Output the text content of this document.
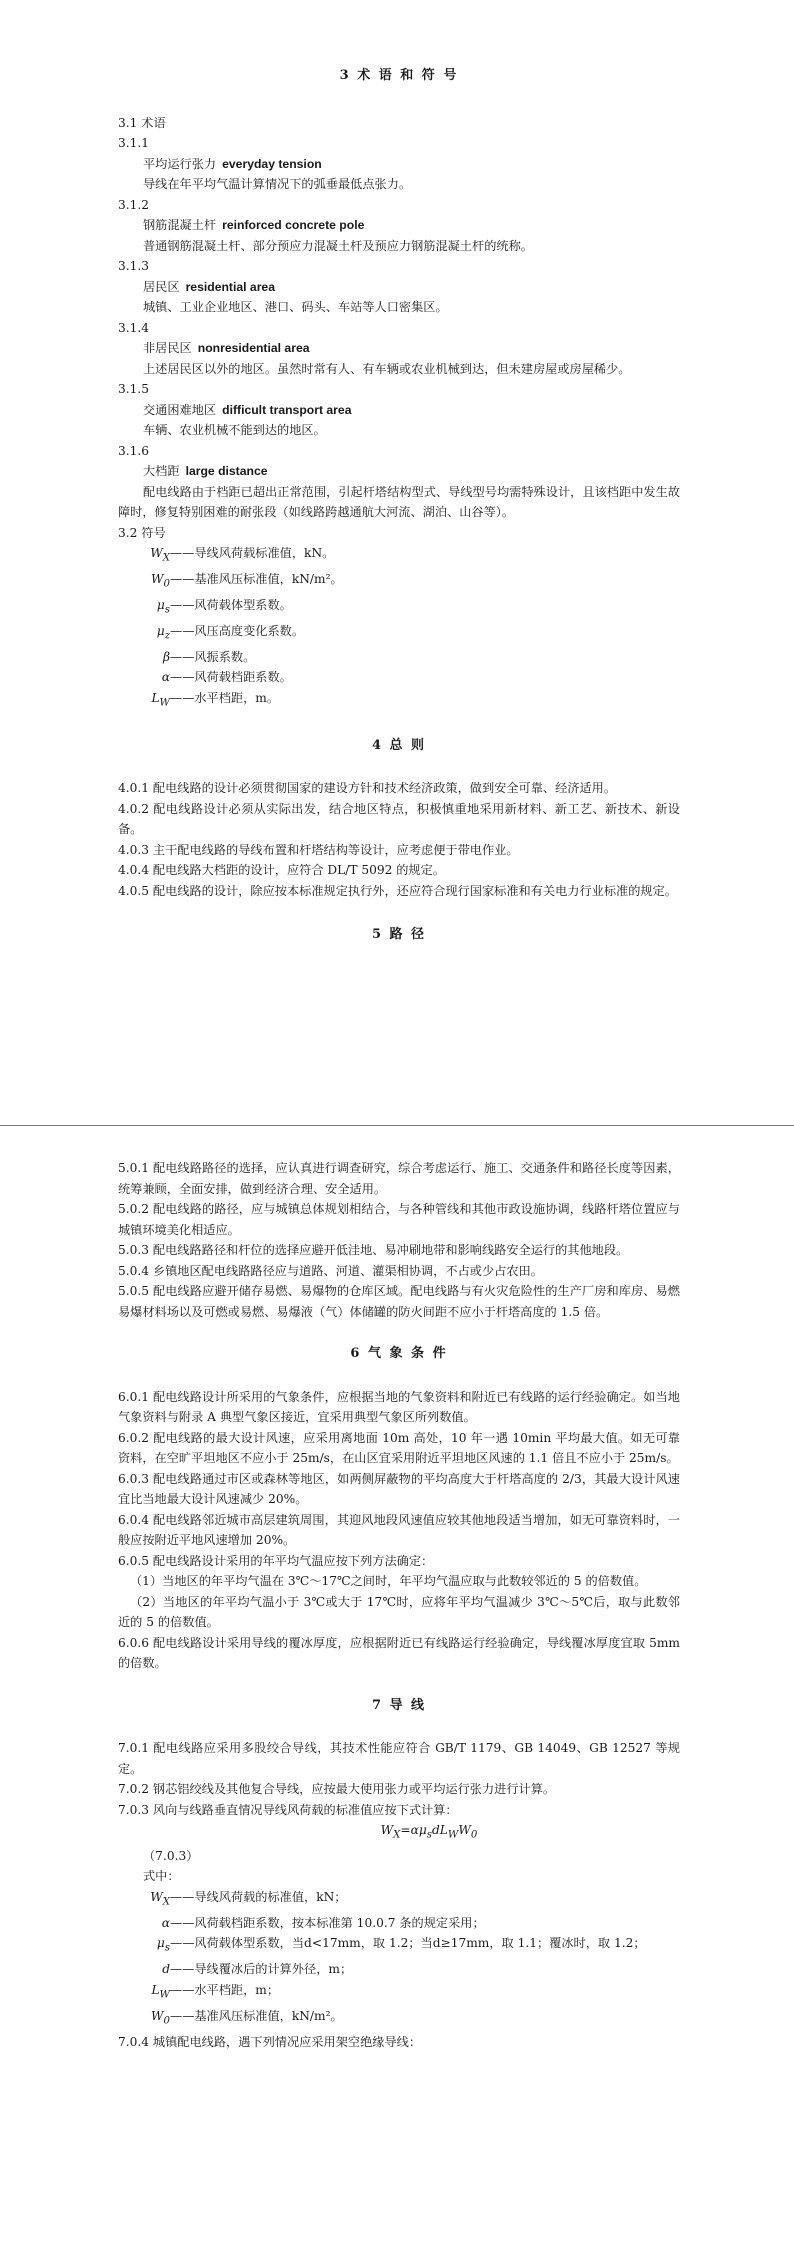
3 术 语 和 符 号

3.1 术语

3.1.1

平均运行张力 everyday tension

导线在年平均气温计算情况下的弧垂最低点张力。

3.1.2

钢筋混凝土杆 reinforced concrete pole

普通钢筋混凝土杆、部分预应力混凝土杆及预应力钢筋混凝土杆的统称。

3.1.3

居民区 residential area

城镇、工业企业地区、港口、码头、车站等人口密集区。

3.1.4

非居民区 nonresidential area

上述居民区以外的地区。虽然时常有人、有车辆或农业机械到达，但未建房屋或房屋稀少。

3.1.5

交通困难地区 difficult transport area

车辆、农业机械不能到达的地区。

3.1.6

大档距 large distance

配电线路由于档距已超出正常范围，引起杆塔结构型式、导线型号均需特殊设计，且该档距中发生故障时，修复特别困难的耐张段（如线路跨越通航大河流、湖泊、山谷等）。

3.2 符号

$W_X——$导线风荷载标准值，kN。

$W_0——$基准风压标准值，kN/m²。

$\mu_s——$风荷载体型系数。

$\mu_z——$风压高度变化系数。

β——风振系数。

α——风荷载档距系数。

$L_W——$水平档距，m。

4 总 则

4.0.1 配电线路的设计必须贯彻国家的建设方针和技术经济政策，做到安全可靠、经济适用。

4.0.2 配电线路设计必须从实际出发，结合地区特点，积极慎重地采用新材料、新工艺、新技术、新设备。

4.0.3 主干配电线路的导线布置和杆塔结构等设计，应考虑便于带电作业。

4.0.4 配电线路大档距的设计，应符合 DL/T 5092 的规定。

4.0.5 配电线路的设计，除应按本标准规定执行外，还应符合现行国家标准和有关电力行业标准的规定。

5 路 径

5.0.1 配电线路路径的选择，应认真进行调查研究，综合考虑运行、施工、交通条件和路径长度等因素，统筹兼顾，全面安排，做到经济合理、安全适用。

5.0.2 配电线路的路径，应与城镇总体规划相结合，与各种管线和其他市政设施协调，线路杆塔位置应与城镇环境美化相适应。

5.0.3 配电线路路径和杆位的选择应避开低洼地、易冲刷地带和影响线路安全运行的其他地段。

5.0.4 乡镇地区配电线路路径应与道路、河道、灌渠相协调，不占或少占农田。

5.0.5 配电线路应避开储存易燃、易爆物的仓库区域。配电线路与有火灾危险性的生产厂房和库房、易燃易爆材料场以及可燃或易燃、易爆液（气）体储罐的防火间距不应小于杆塔高度的 1.5 倍。

6 气 象 条 件

6.0.1 配电线路设计所采用的气象条件，应根据当地的气象资料和附近已有线路的运行经验确定。如当地气象资料与附录 A 典型气象区接近，宜采用典型气象区所列数值。

6.0.2 配电线路的最大设计风速，应采用离地面 10m 高处，10 年一遇 10min 平均最大值。如无可靠资料，在空旷平坦地区不应小于 25m/s，在山区宜采用附近平坦地区风速的 1.1 倍且不应小于 25m/s。

6.0.3 配电线路通过市区或森林等地区，如两侧屏蔽物的平均高度大于杆塔高度的 2/3，其最大设计风速宜比当地最大设计风速减少 20%。

6.0.4 配电线路邻近城市高层建筑周围，其迎风地段风速值应较其他地段适当增加，如无可靠资料时，一般应按附近平地风速增加 20%。

6.0.5 配电线路设计采用的年平均气温应按下列方法确定：

（1）当地区的年平均气温在 3℃～17℃之间时，年平均气温应取与此数较邻近的 5 的倍数值。

（2）当地区的年平均气温小于 3℃或大于 17℃时，应将年平均气温减少 3℃～5℃后，取与此数邻近的 5 的倍数值。

6.0.6 配电线路设计采用导线的覆冰厚度，应根据附近已有线路运行经验确定，导线覆冰厚度宜取 5mm 的倍数。

7 导 线

7.0.1 配电线路应采用多股绞合导线，其技术性能应符合 GB/T 1179、GB 14049、GB 12527 等规定。

7.0.2 钢芯铝绞线及其他复合导线，应按最大使用张力或平均运行张力进行计算。

7.0.3 风向与线路垂直情况导线风荷载的标准值应按下式计算：

$W_X=\alpha\mu_sdL_WW_0$

（7.0.3）

式中：

$W_X——$导线风荷载的标准值，kN；

α——风荷载档距系数，按本标准第 10.0.7 条的规定采用；

$\mu_s——$风荷载体型系数，当d<17mm，取 1.2；当d≥17mm，取 1.1；覆冰时，取 1.2；

d——导线覆冰后的计算外径，m；

$L_W——$水平档距，m；

$W_0——$基准风压标准值，kN/m²。

7.0.4 城镇配电线路，遇下列情况应采用架空绝缘导线：
